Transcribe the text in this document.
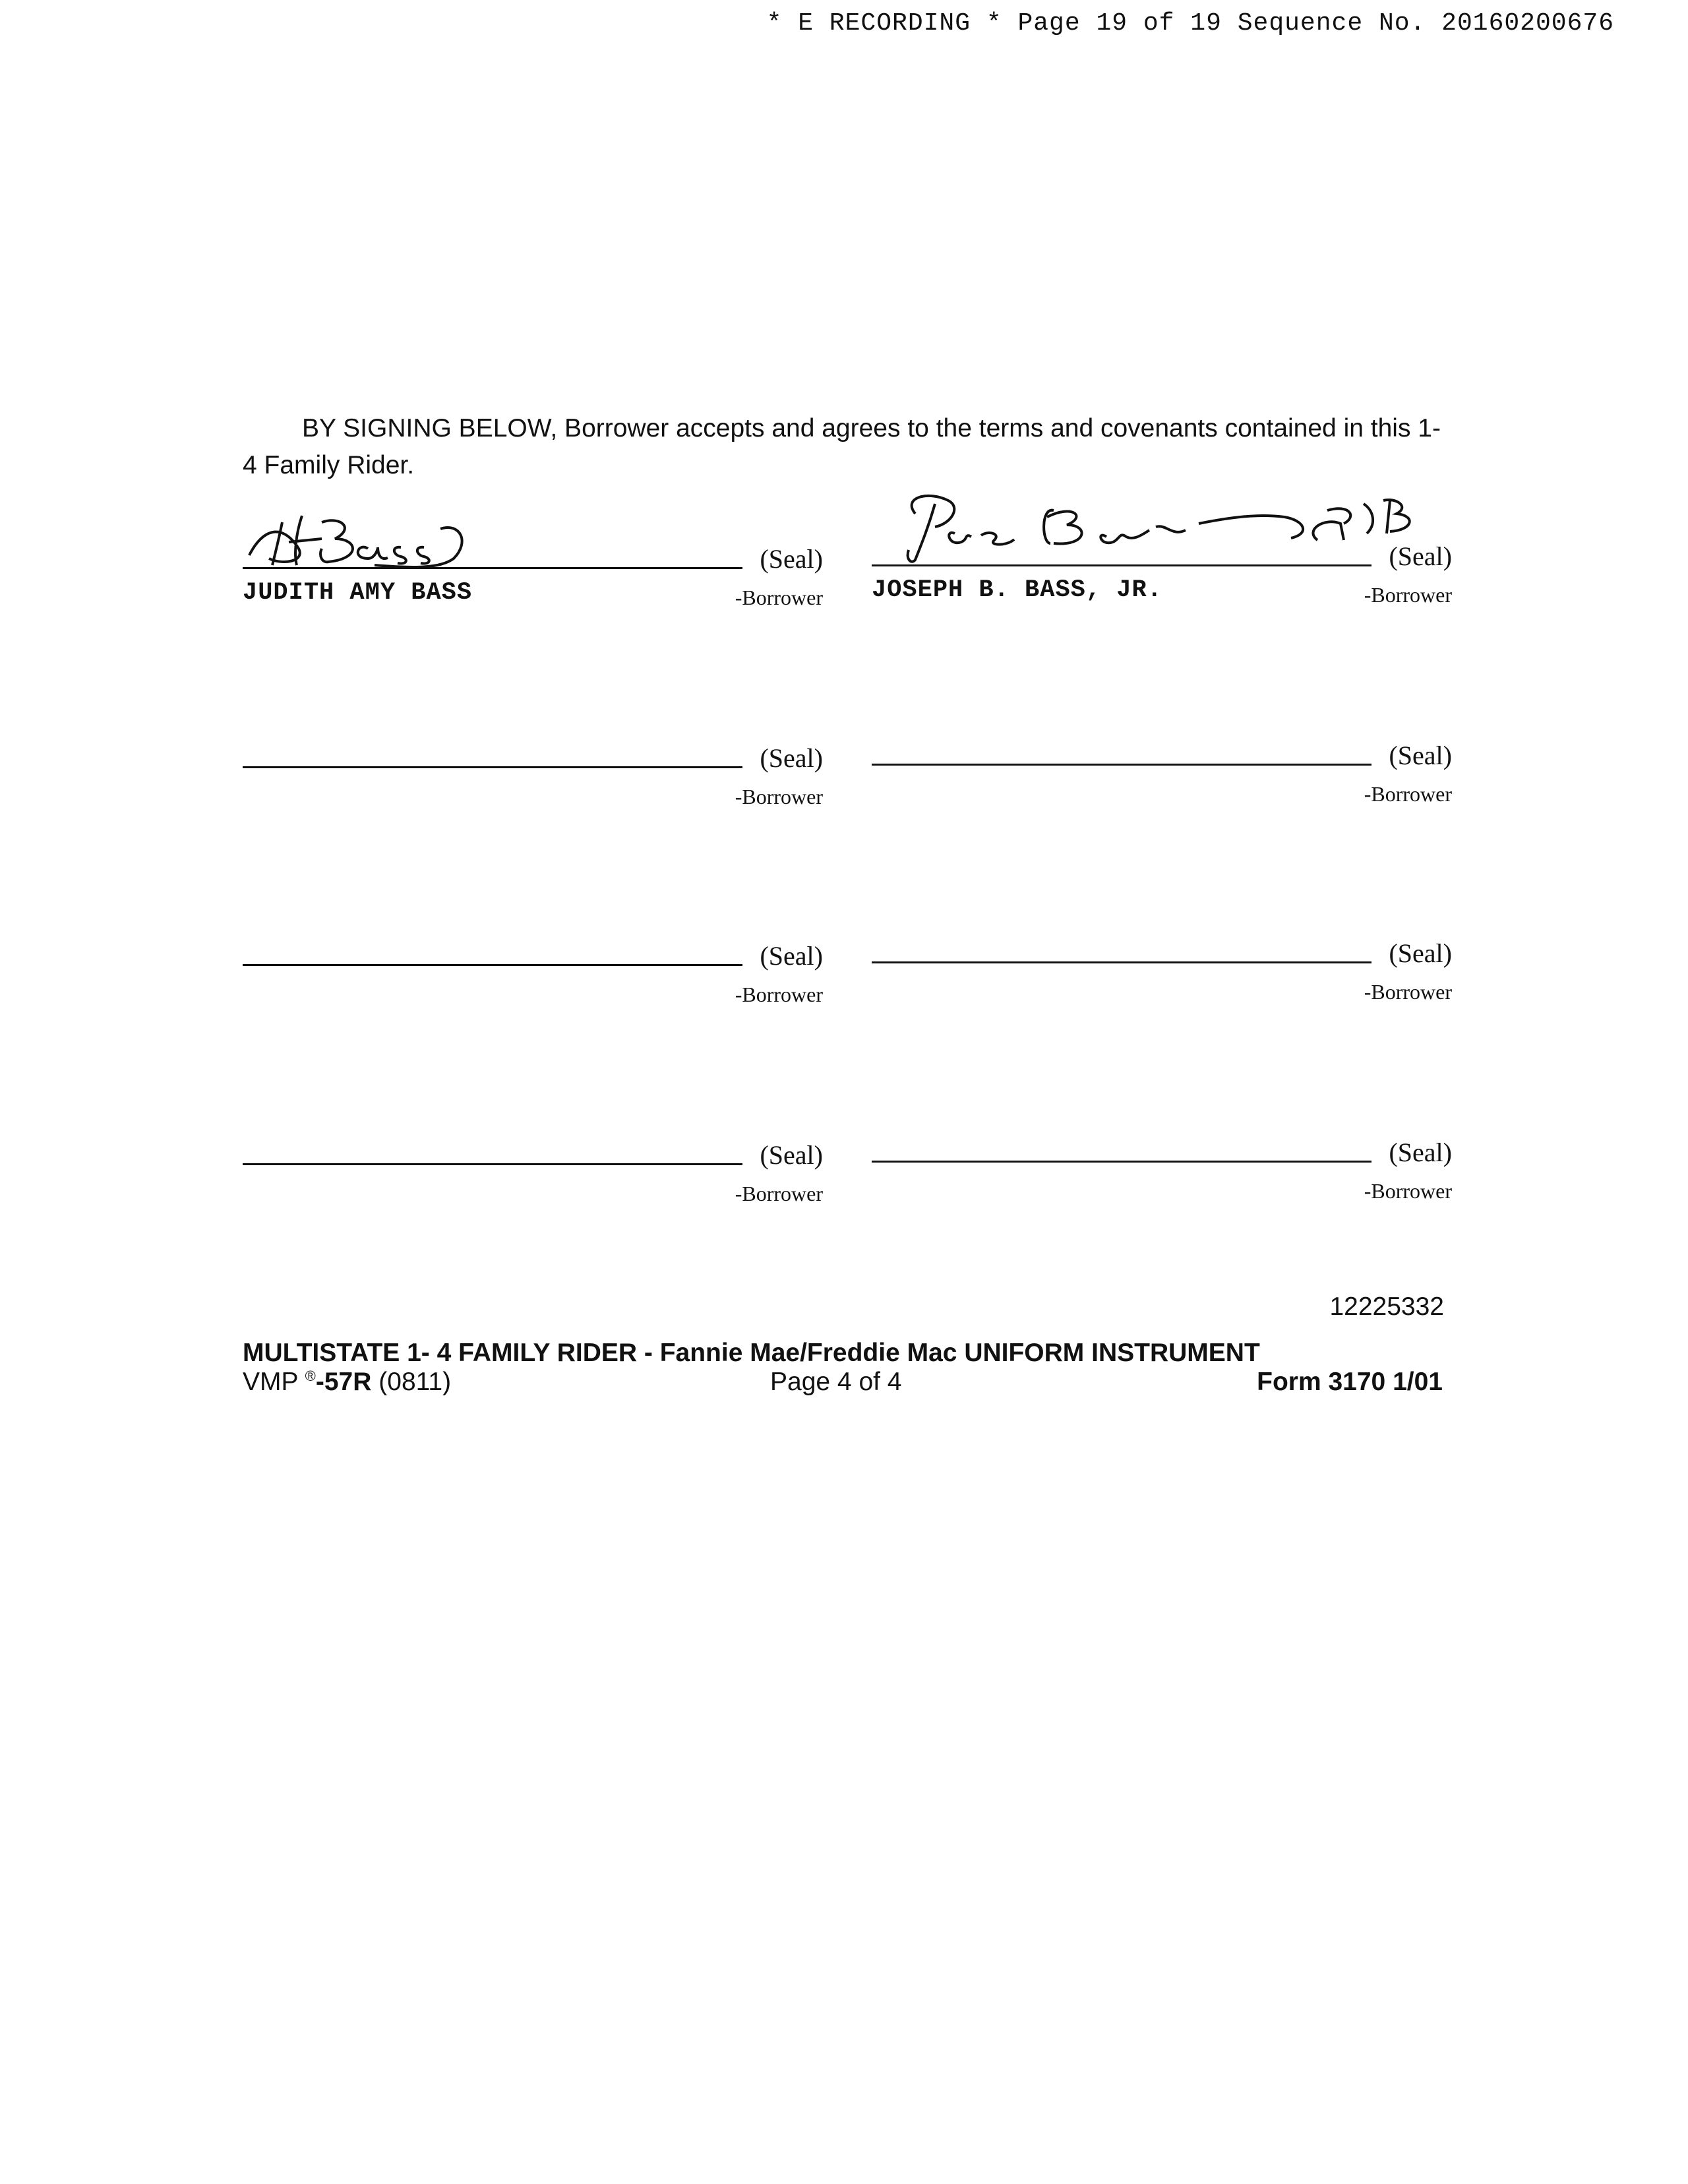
* E RECORDING * Page 19 of 19 Sequence No. 20160200676
BY SIGNING BELOW, Borrower accepts and agrees to the terms and covenants contained in this 1-4 Family Rider.
(Seal)
JUDITH AMY BASS	-Borrower
(Seal)
JOSEPH B. BASS, JR.	-Borrower
(Seal)
-Borrower
(Seal)
-Borrower
(Seal)
-Borrower
(Seal)
-Borrower
(Seal)
-Borrower
(Seal)
-Borrower
12225332
MULTISTATE 1- 4 FAMILY RIDER - Fannie Mae/Freddie Mac UNIFORM INSTRUMENT
VMP ®-57R (0811)	Page 4 of 4	Form 3170 1/01
